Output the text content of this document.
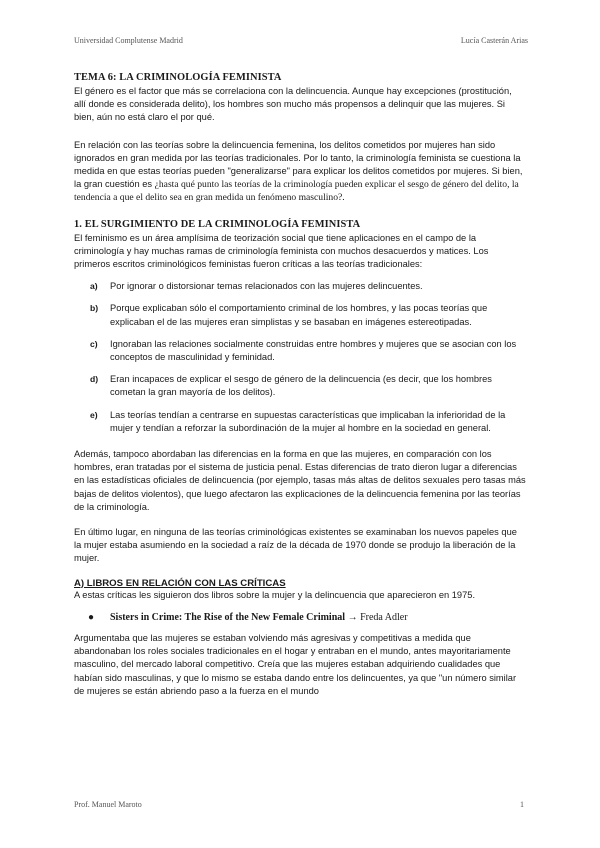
Universidad Complutense Madrid	Lucía Casterán Arias
TEMA 6: LA CRIMINOLOGÍA FEMINISTA

El género es el factor que más se correlaciona con la delincuencia. Aunque hay excepciones (prostitución, allí donde es considerada delito), los hombres son mucho más propensos a delinquir que las mujeres. Si bien, aún no está claro el por qué.

En relación con las teorías sobre la delincuencia femenina, los delitos cometidos por mujeres han sido ignorados en gran medida por las teorías tradicionales. Por lo tanto, la criminología feminista se cuestiona la medida en que estas teorías pueden "generalizarse" para explicar los delitos cometidos por mujeres. Si bien, la gran cuestión es ¿hasta qué punto las teorías de la criminología pueden explicar el sesgo de género del delito, la tendencia a que el delito sea en gran medida un fenómeno masculino?.

1. EL SURGIMIENTO DE LA CRIMINOLOGÍA FEMINISTA

El feminismo es un área amplísima de teorización social que tiene aplicaciones en el campo de la criminología y hay muchas ramas de criminología feminista con muchos desacuerdos y matices. Los primeros escritos criminológicos feministas fueron críticas a las teorías tradicionales:

a) Por ignorar o distorsionar temas relacionados con las mujeres delincuentes.
b) Porque explicaban sólo el comportamiento criminal de los hombres, y las pocas teorías que explicaban el de las mujeres eran simplistas y se basaban en imágenes estereotipadas.
c) Ignoraban las relaciones socialmente construidas entre hombres y mujeres que se asocian con los conceptos de masculinidad y feminidad.
d) Eran incapaces de explicar el sesgo de género de la delincuencia (es decir, que los hombres cometan la gran mayoría de los delitos).
e) Las teorías tendían a centrarse en supuestas características que implicaban la inferioridad de la mujer y tendían a reforzar la subordinación de la mujer al hombre en la sociedad en general.

Además, tampoco abordaban las diferencias en la forma en que las mujeres, en comparación con los hombres, eran tratadas por el sistema de justicia penal. Estas diferencias de trato dieron lugar a diferencias en las estadísticas oficiales de delincuencia (por ejemplo, tasas más altas de delitos sexuales pero tasas más bajas de delitos violentos), que luego afectaron las explicaciones de la delincuencia femenina por las teorías de la criminología.

En último lugar, en ninguna de las teorías criminológicas existentes se examinaban los nuevos papeles que la mujer estaba asumiendo en la sociedad a raíz de la década de 1970 donde se produjo la liberación de la mujer.

A) LIBROS EN RELACIÓN CON LAS CRÍTICAS

A estas críticas les siguieron dos libros sobre la mujer y la delincuencia que aparecieron en 1975.

● Sisters in Crime: The Rise of the New Female Criminal → Freda Adler

Argumentaba que las mujeres se estaban volviendo más agresivas y competitivas a medida que abandonaban los roles sociales tradicionales en el hogar y entraban en el mundo, antes mayoritariamente masculino, del mercado laboral competitivo. Creía que las mujeres estaban adquiriendo cualidades que habían sido masculinas, y que lo mismo se estaba dando entre los delincuentes, ya que "un número similar de mujeres se están abriendo paso a la fuerza en el mundo

Prof. Manuel Maroto	1
